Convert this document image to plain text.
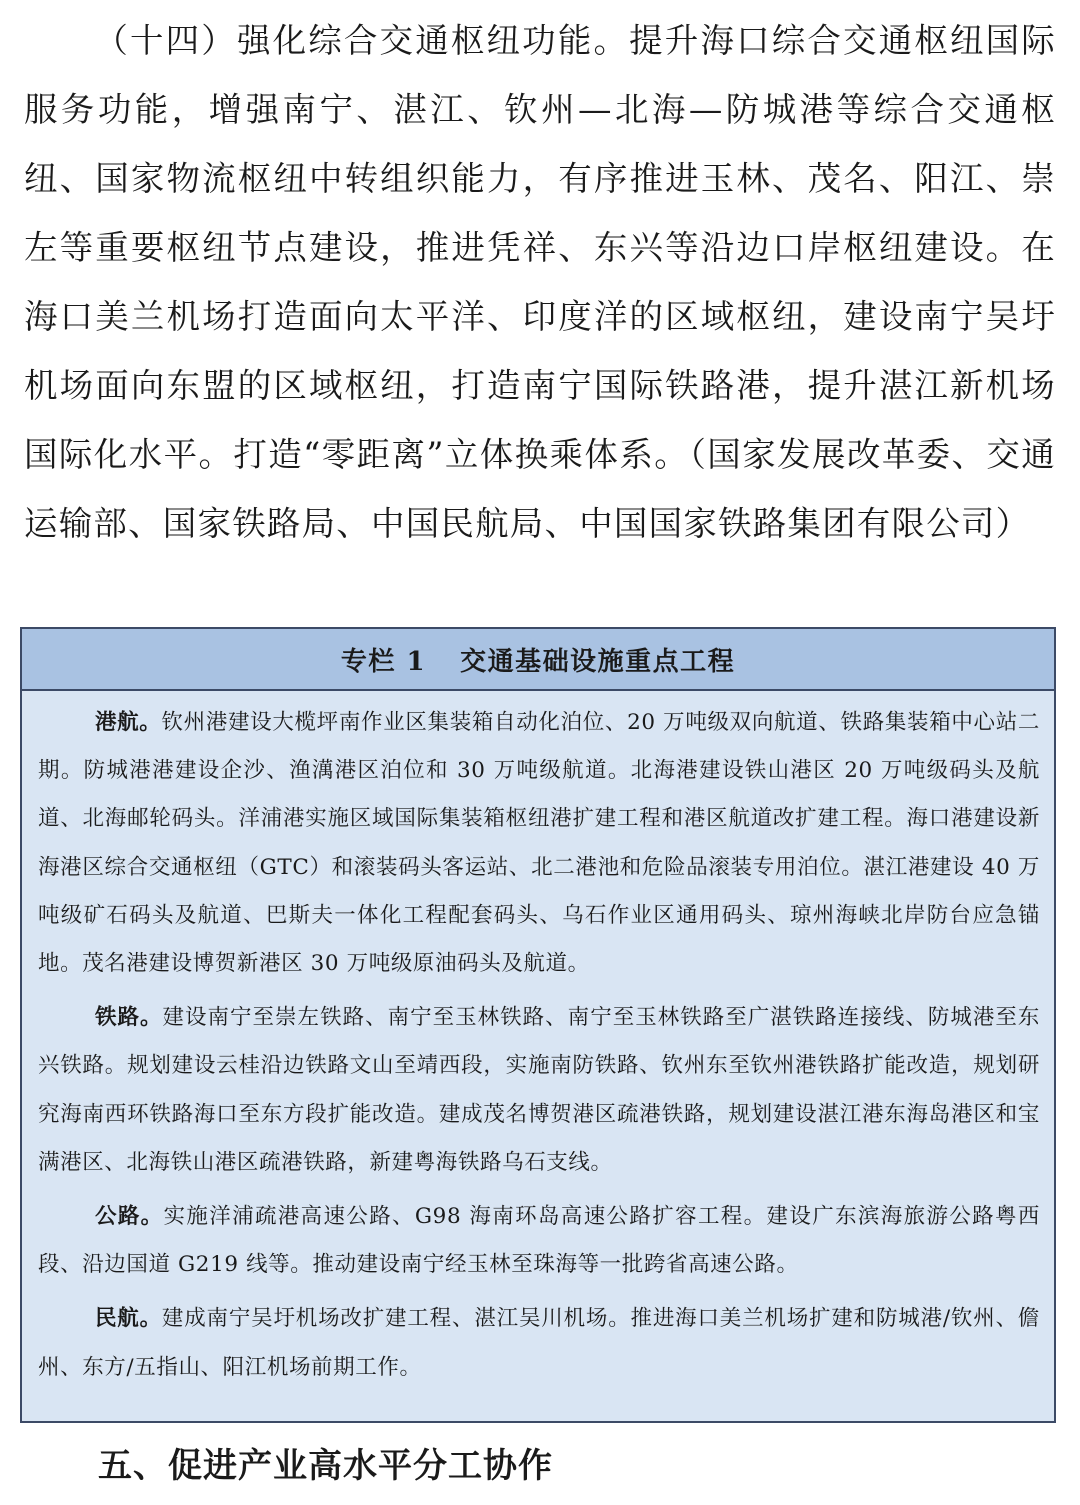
（十四）强化综合交通枢纽功能。提升海口综合交通枢纽国际服务功能，增强南宁、湛江、钦州—北海—防城港等综合交通枢纽、国家物流枢纽中转组织能力，有序推进玉林、茂名、阳江、崇左等重要枢纽节点建设，推进凭祥、东兴等沿边口岸枢纽建设。在海口美兰机场打造面向太平洋、印度洋的区域枢纽，建设南宁吴圩机场面向东盟的区域枢纽，打造南宁国际铁路港，提升湛江新机场国际化水平。打造“零距离”立体换乘体系。（国家发展改革委、交通运输部、国家铁路局、中国民航局、中国国家铁路集团有限公司）

专栏 1 交通基础设施重点工程

港航。钦州港建设大榄坪南作业区集装箱自动化泊位、20 万吨级双向航道、铁路集装箱中心站二期。防城港港建设企沙、渔澫港区泊位和 30 万吨级航道。北海港建设铁山港区 20 万吨级码头及航道、北海邮轮码头。洋浦港实施区域国际集装箱枢纽港扩建工程和港区航道改扩建工程。海口港建设新海港区综合交通枢纽（GTC）和滚装码头客运站、北二港池和危险品滚装专用泊位。湛江港建设 40 万吨级矿石码头及航道、巴斯夫一体化工程配套码头、乌石作业区通用码头、琼州海峡北岸防台应急锚地。茂名港建设博贺新港区 30 万吨级原油码头及航道。

铁路。建设南宁至崇左铁路、南宁至玉林铁路、南宁至玉林铁路至广湛铁路连接线、防城港至东兴铁路。规划建设云桂沿边铁路文山至靖西段，实施南防铁路、钦州东至钦州港铁路扩能改造，规划研究海南西环铁路海口至东方段扩能改造。建成茂名博贺港区疏港铁路，规划建设湛江港东海岛港区和宝满港区、北海铁山港区疏港铁路，新建粤海铁路乌石支线。

公路。实施洋浦疏港高速公路、G98 海南环岛高速公路扩容工程。建设广东滨海旅游公路粤西段、沿边国道 G219 线等。推动建设南宁经玉林至珠海等一批跨省高速公路。

民航。建成南宁吴圩机场改扩建工程、湛江吴川机场。推进海口美兰机场扩建和防城港/钦州、儋州、东方/五指山、阳江机场前期工作。

五、促进产业高水平分工协作
